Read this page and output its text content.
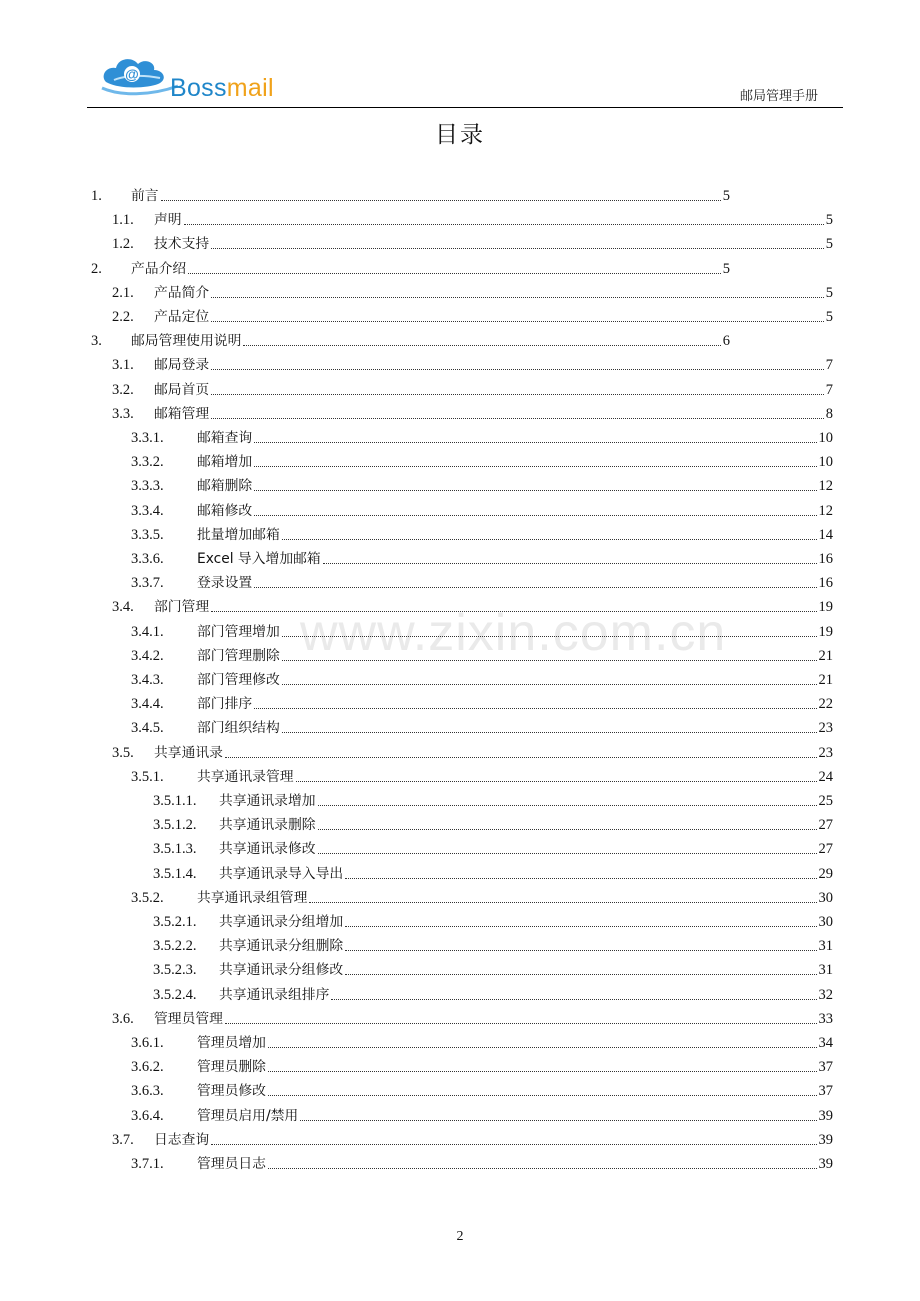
@ Bossmail	邮局管理手册
目录
www.zixin.com.cn
1.	前言	5
1.1.	声明	5
1.2.	技术支持	5
2.	产品介绍	5
2.1.	产品简介	5
2.2.	产品定位	5
3.	邮局管理使用说明	6
3.1.	邮局登录	7
3.2.	邮局首页	7
3.3.	邮箱管理	8
3.3.1.	邮箱查询	10
3.3.2.	邮箱增加	10
3.3.3.	邮箱删除	12
3.3.4.	邮箱修改	12
3.3.5.	批量增加邮箱	14
3.3.6.	Excel 导入增加邮箱	16
3.3.7.	登录设置	16
3.4.	部门管理	19
3.4.1.	部门管理增加	19
3.4.2.	部门管理删除	21
3.4.3.	部门管理修改	21
3.4.4.	部门排序	22
3.4.5.	部门组织结构	23
3.5.	共享通讯录	23
3.5.1.	共享通讯录管理	24
3.5.1.1.	共享通讯录增加	25
3.5.1.2.	共享通讯录删除	27
3.5.1.3.	共享通讯录修改	27
3.5.1.4.	共享通讯录导入导出	29
3.5.2.	共享通讯录组管理	30
3.5.2.1.	共享通讯录分组增加	30
3.5.2.2.	共享通讯录分组删除	31
3.5.2.3.	共享通讯录分组修改	31
3.5.2.4.	共享通讯录组排序	32
3.6.	管理员管理	33
3.6.1.	管理员增加	34
3.6.2.	管理员删除	37
3.6.3.	管理员修改	37
3.6.4.	管理员启用/禁用	39
3.7.	日志查询	39
3.7.1.	管理员日志	39
2
